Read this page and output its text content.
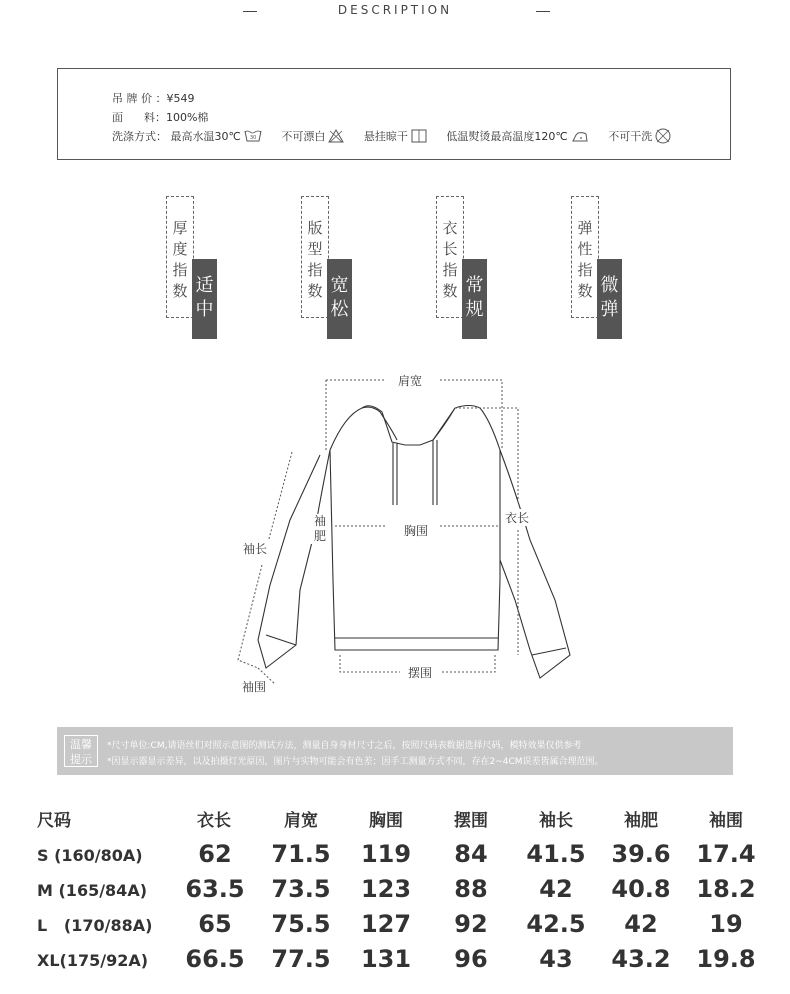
DESCRIPTION
吊 牌 价 ：¥549
面      料：100%棉
洗涤方式： 最高水温30℃ 30
不可漂白
	悬挂晾干
	低温熨烫最高温度120℃
	不可干洗
厚度指数 适中
版型指数 宽松
衣长指数 常规
弹性指数 微弹
肩宽
胸围
衣长
袖肥
袖长
袖围
摆围
温馨提示
*尺寸单位:CM,请语丝们对照示意图的测试方法，测量自身身材尺寸之后，按照尺码表数据选择尺码，模特效果仅供参考
*因显示器显示差异，以及拍摄灯光原因，图片与实物可能会有色差；因手工测量方式不同，存在2~4CM误差皆属合理范围。
尺码	衣长	肩宽	胸围	摆围	袖长	袖肥	袖围
S (160/80A)	62	71.5	119	84	41.5	39.6	17.4
M (165/84A)	63.5	73.5	123	88	42	40.8	18.2
L   (170/88A)	65	75.5	127	92	42.5	42	19
XL(175/92A)	66.5	77.5	131	96	43	43.2	19.8
